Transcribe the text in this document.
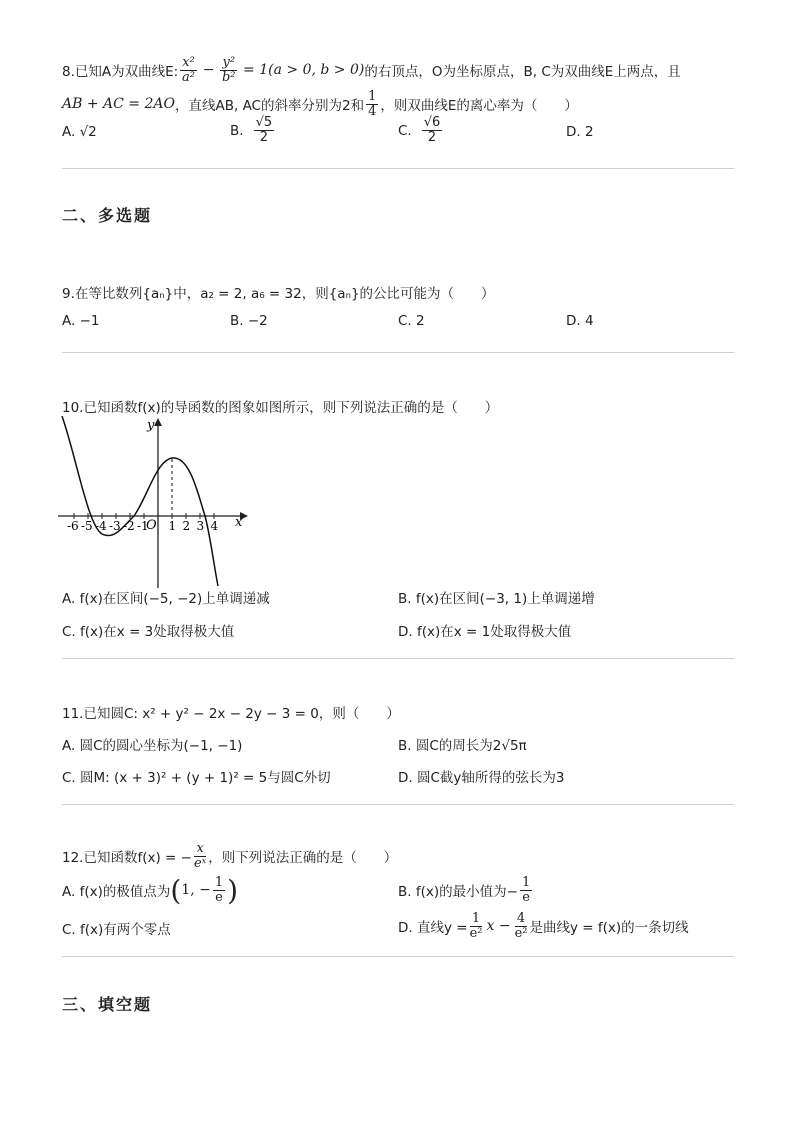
8.已知A为双曲线E: $\frac{\text{x²}}{\text{a²}} - \frac{\text{y²}}{\text{b²}} = 1(a > 0$, b > 0) 的右顶点，O为坐标原点，B, C为双曲线E上两点，且
AB + AC = 2AO ，直线AB, AC的斜率分别为2和 $\frac{1}{4}$ ，则双曲线E的离心率为（　　）
A. √2	B. $\frac{√5}{2}$	C. $\frac{√6}{2}$	D. 2
二、多选题
9.在等比数列{aₙ}中，a₂ = 2, a₆ = 32，则{aₙ}的公比可能为（　　）
A. −1	B. −2	C. 2	D. 4
10.已知函数f(x)的导函数的图象如图所示，则下列说法正确的是（　　）
y
x
O
-6 -5 -4 -3 -2 -1 1 2 3 4
A. f(x)在区间(−5, −2)上单调递减	B. f(x)在区间(−3, 1)上单调递增
C. f(x)在x = 3处取得极大值	D. f(x)在x = 1处取得极大值
11.已知圆C: x² + y² − 2x − 2y − 3 = 0，则（　　）
A. 圆C的圆心坐标为(−1, −1)	B. 圆C的周长为2√5π
C. 圆M: (x + 3)² + (y + 1)² = 5与圆C外切	D. 圆C截y轴所得的弦长为3
12.已知函数f(x) = − $\frac{x}{\text{eˣ}}$ ，则下列说法正确的是（　　）
A. f(x)的极值点为 ( 1, − $\frac{1}{e}$ )	B. f(x)的最小值为− $\frac{1}{e}$
C. f(x)有两个零点	D. 直线$y = \frac{1}{\text{e²}}$ $x - \frac{4}{\text{e²}}$ 是曲线y = f(x)的一条切线
三、填空题
